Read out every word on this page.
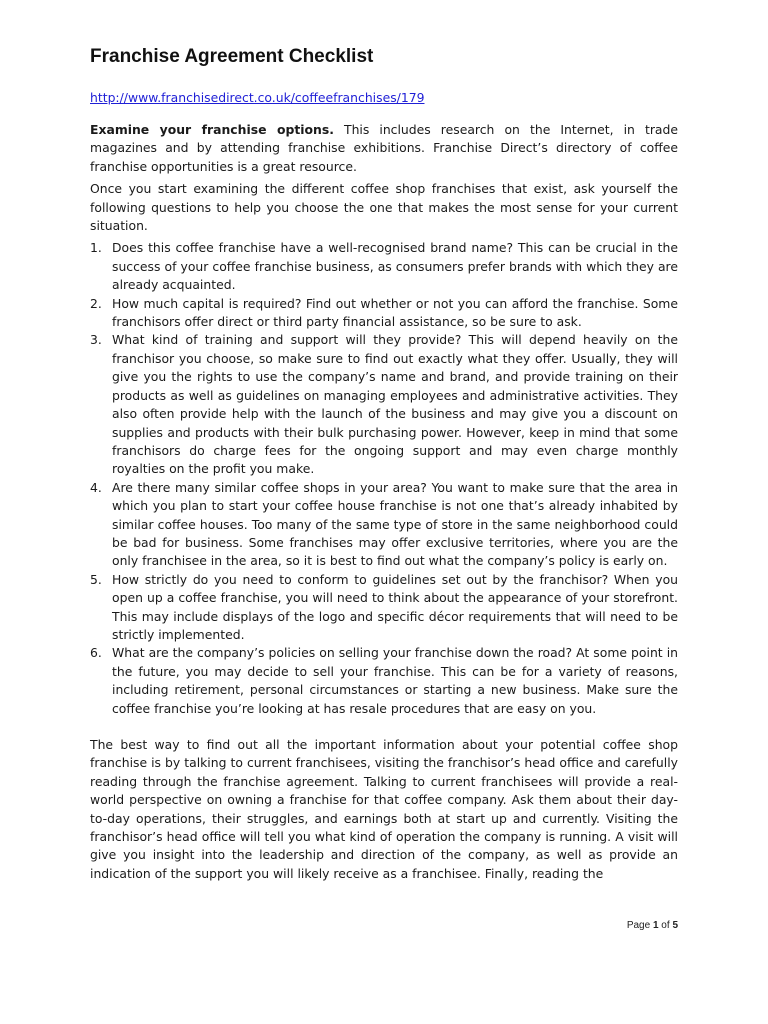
Franchise Agreement Checklist
http://www.franchisedirect.co.uk/coffeefranchises/179

Examine your franchise options. This includes research on the Internet, in trade magazines and by attending franchise exhibitions. Franchise Direct’s directory of coffee franchise opportunities is a great resource.

Once you start examining the different coffee shop franchises that exist, ask yourself the following questions to help you choose the one that makes the most sense for your current situation.

1. Does this coffee franchise have a well-recognised brand name? This can be crucial in the success of your coffee franchise business, as consumers prefer brands with which they are already acquainted.
2. How much capital is required? Find out whether or not you can afford the franchise. Some franchisors offer direct or third party financial assistance, so be sure to ask.
3. What kind of training and support will they provide? This will depend heavily on the franchisor you choose, so make sure to find out exactly what they offer. Usually, they will give you the rights to use the company’s name and brand, and provide training on their products as well as guidelines on managing employees and administrative activities. They also often provide help with the launch of the business and may give you a discount on supplies and products with their bulk purchasing power. However, keep in mind that some franchisors do charge fees for the ongoing support and may even charge monthly royalties on the profit you make.
4. Are there many similar coffee shops in your area? You want to make sure that the area in which you plan to start your coffee house franchise is not one that’s already inhabited by similar coffee houses. Too many of the same type of store in the same neighborhood could be bad for business. Some franchises may offer exclusive territories, where you are the only franchisee in the area, so it is best to find out what the company’s policy is early on.
5. How strictly do you need to conform to guidelines set out by the franchisor? When you open up a coffee franchise, you will need to think about the appearance of your storefront. This may include displays of the logo and specific décor requirements that will need to be strictly implemented.
6. What are the company’s policies on selling your franchise down the road? At some point in the future, you may decide to sell your franchise. This can be for a variety of reasons, including retirement, personal circumstances or starting a new business. Make sure the coffee franchise you’re looking at has resale procedures that are easy on you.

The best way to find out all the important information about your potential coffee shop franchise is by talking to current franchisees, visiting the franchisor’s head office and carefully reading through the franchise agreement. Talking to current franchisees will provide a real-world perspective on owning a franchise for that coffee company. Ask them about their day-to-day operations, their struggles, and earnings both at start up and currently. Visiting the franchisor’s head office will tell you what kind of operation the company is running. A visit will give you insight into the leadership and direction of the company, as well as provide an indication of the support you will likely receive as a franchisee. Finally, reading the

Page 1 of 5
